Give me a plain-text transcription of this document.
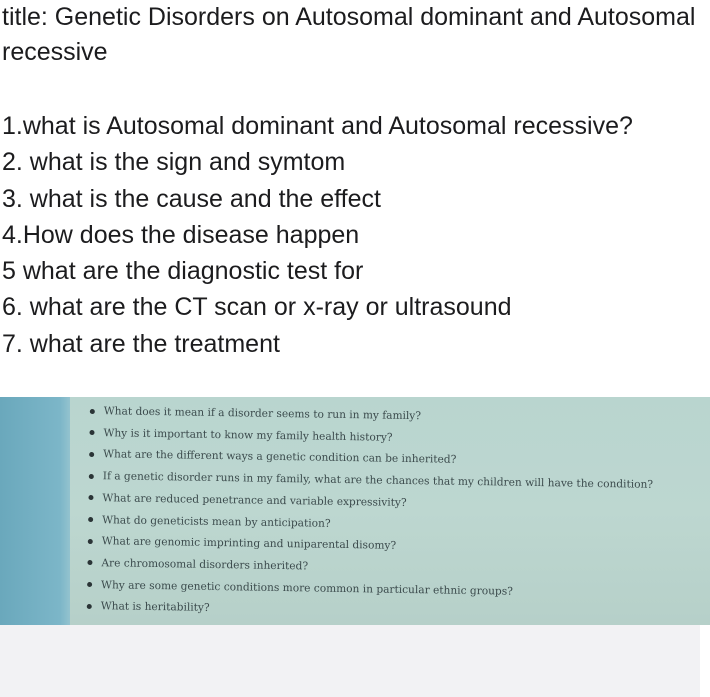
title: Genetic Disorders on Autosomal dominant and Autosomal recessive
1.what is Autosomal dominant and Autosomal recessive?
2. what is the sign and symtom
3. what is the cause and the effect
4.How does the disease happen
5 what are the diagnostic test for
6. what are the CT scan or x-ray or ultrasound
7. what are the treatment
What does it mean if a disorder seems to run in my family?
Why is it important to know my family health history?
What are the different ways a genetic condition can be inherited?
If a genetic disorder runs in my family, what are the chances that my children will have the condition?
What are reduced penetrance and variable expressivity?
What do geneticists mean by anticipation?
What are genomic imprinting and uniparental disomy?
Are chromosomal disorders inherited?
Why are some genetic conditions more common in particular ethnic groups?
What is heritability?
